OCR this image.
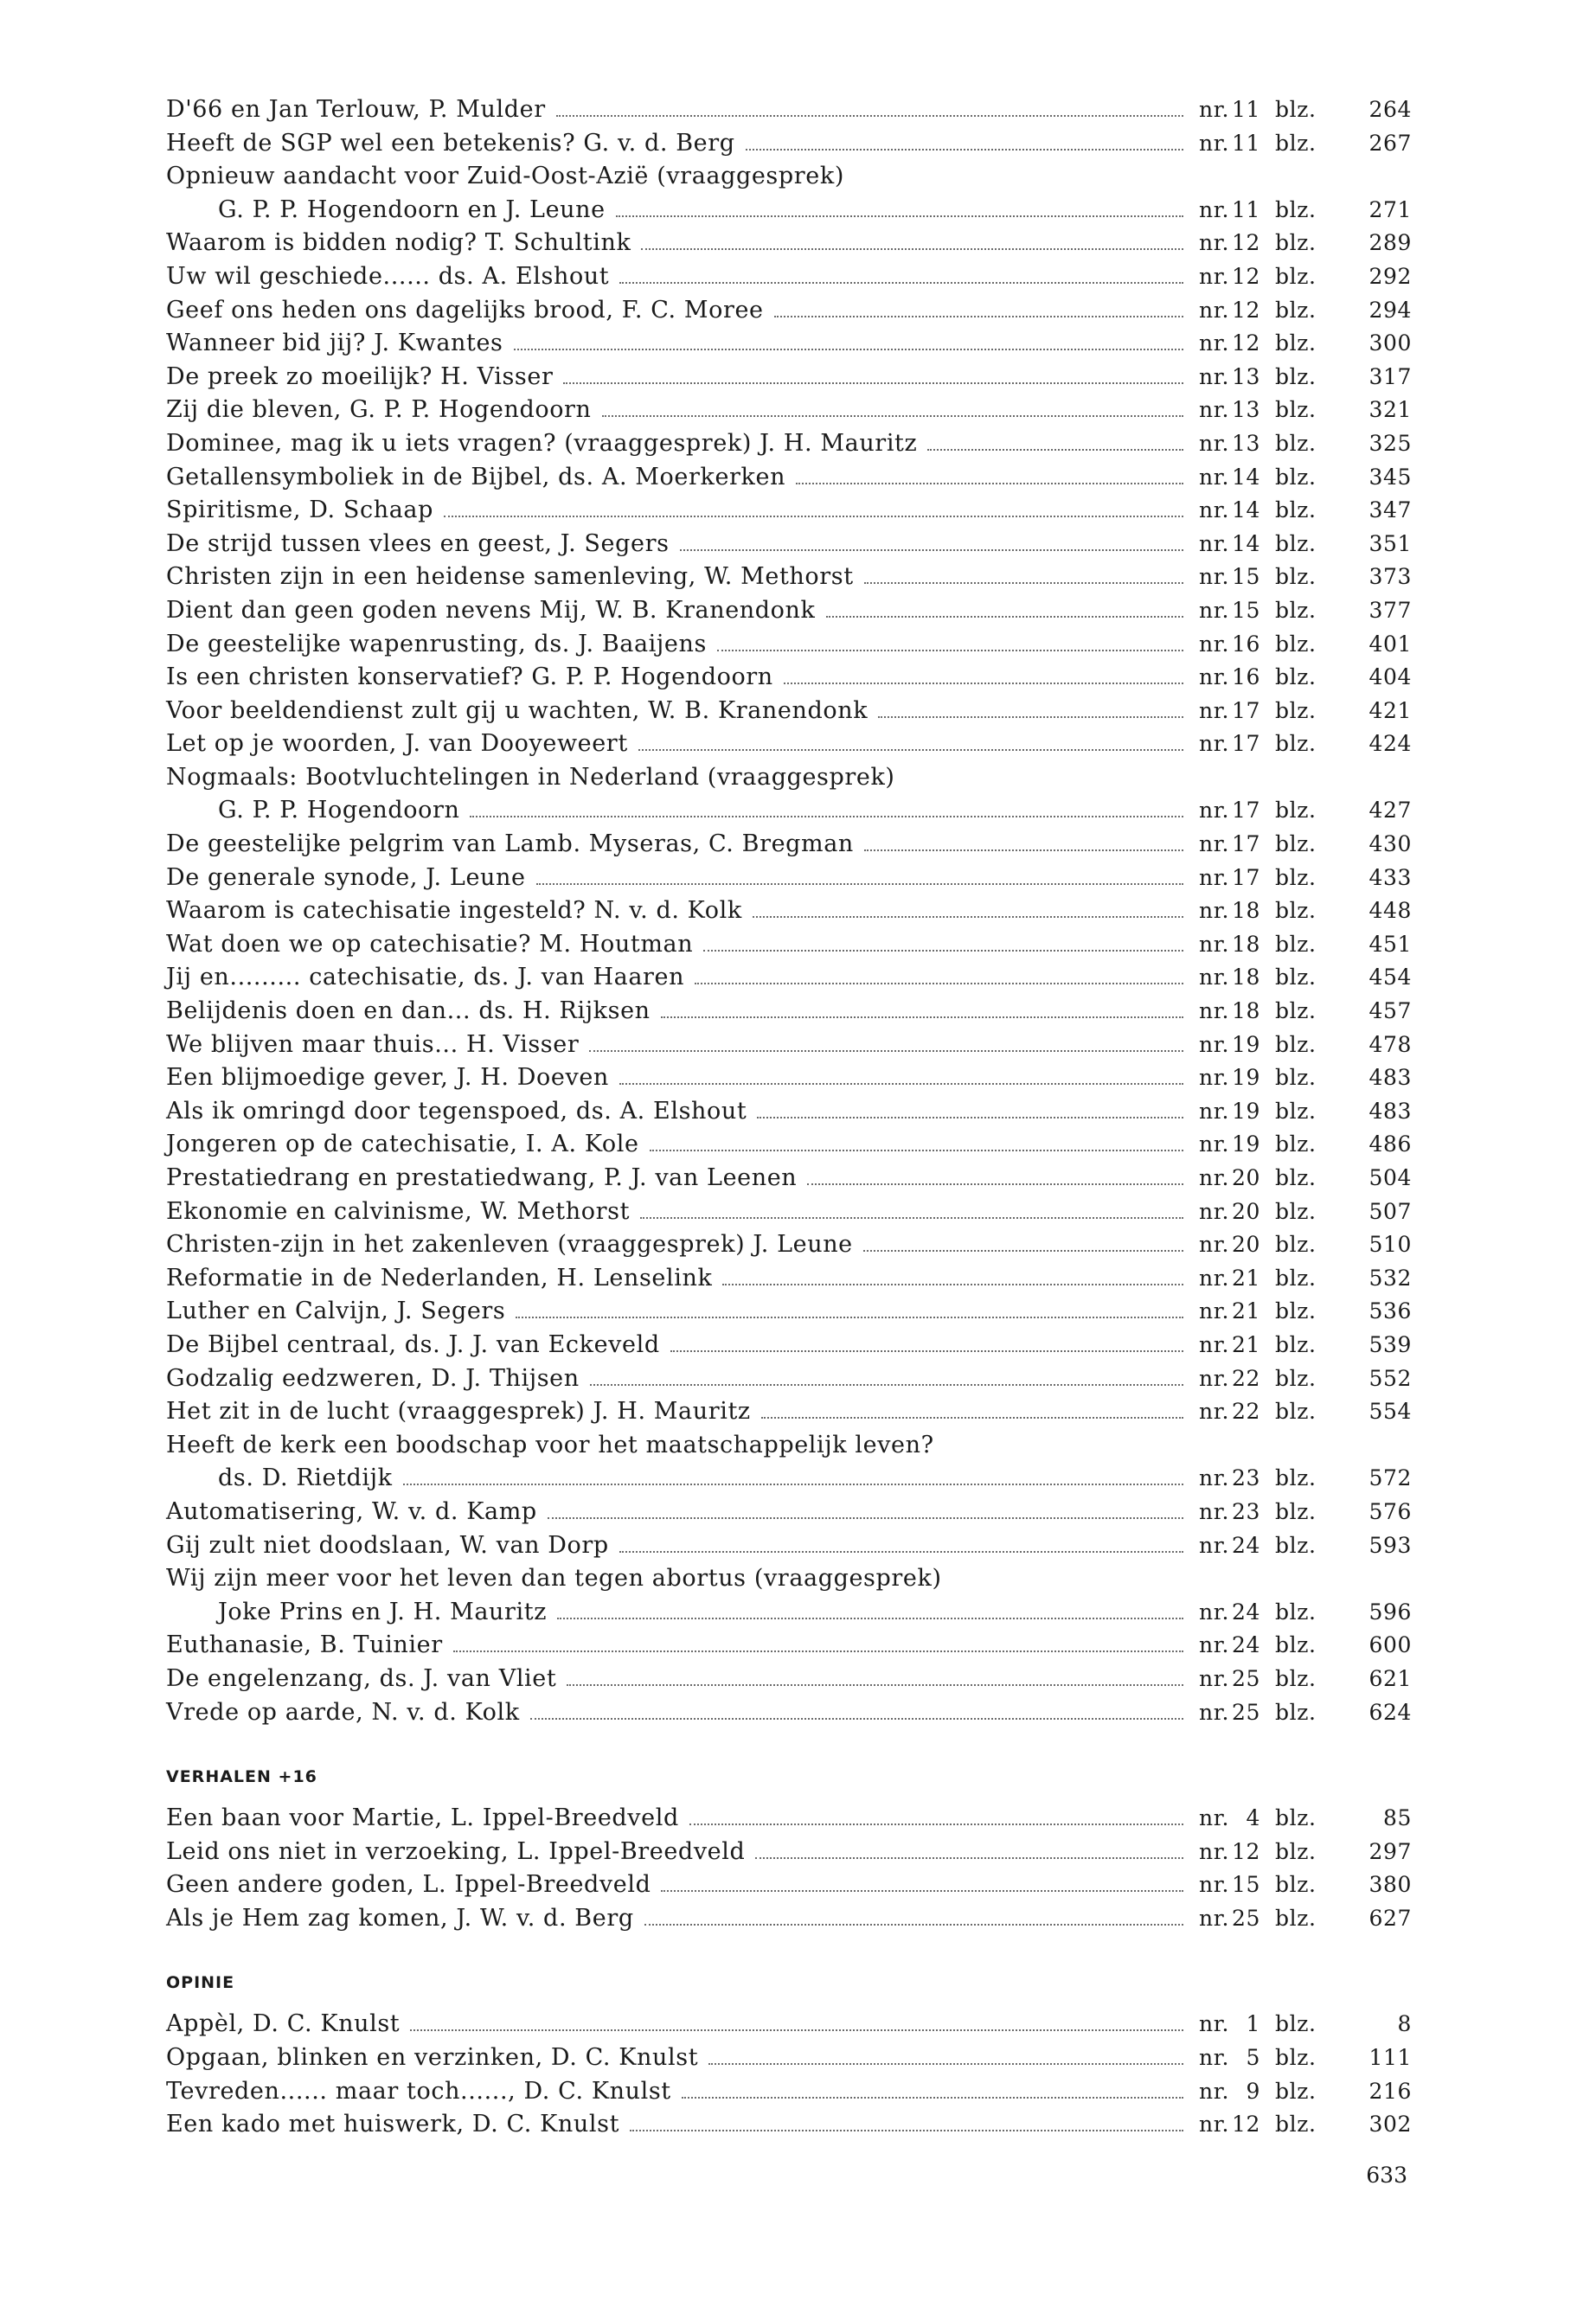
D'66 en Jan Terlouw, P. Mulder	nr. 11 blz. 264
Heeft de SGP wel een betekenis? G. v. d. Berg	nr. 11 blz. 267
Opnieuw aandacht voor Zuid-Oost-Azië (vraaggesprek)
G. P. P. Hogendoorn en J. Leune	nr. 11 blz. 271
Waarom is bidden nodig? T. Schultink	nr. 12 blz. 289
Uw wil geschiede...... ds. A. Elshout	nr. 12 blz. 292
Geef ons heden ons dagelijks brood, F. C. Moree	nr. 12 blz. 294
Wanneer bid jij? J. Kwantes	nr. 12 blz. 300
De preek zo moeilijk? H. Visser	nr. 13 blz. 317
Zij die bleven, G. P. P. Hogendoorn	nr. 13 blz. 321
Dominee, mag ik u iets vragen? (vraaggesprek) J. H. Mauritz	nr. 13 blz. 325
Getallensymboliek in de Bijbel, ds. A. Moerkerken	nr. 14 blz. 345
Spiritisme, D. Schaap	nr. 14 blz. 347
De strijd tussen vlees en geest, J. Segers	nr. 14 blz. 351
Christen zijn in een heidense samenleving, W. Methorst	nr. 15 blz. 373
Dient dan geen goden nevens Mij, W. B. Kranendonk	nr. 15 blz. 377
De geestelijke wapenrusting, ds. J. Baaijens	nr. 16 blz. 401
Is een christen konservatief? G. P. P. Hogendoorn	nr. 16 blz. 404
Voor beeldendienst zult gij u wachten, W. B. Kranendonk	nr. 17 blz. 421
Let op je woorden, J. van Dooyeweert	nr. 17 blz. 424
Nogmaals: Bootvluchtelingen in Nederland (vraaggesprek)
G. P. P. Hogendoorn	nr. 17 blz. 427
De geestelijke pelgrim van Lamb. Myseras, C. Bregman	nr. 17 blz. 430
De generale synode, J. Leune	nr. 17 blz. 433
Waarom is catechisatie ingesteld? N. v. d. Kolk	nr. 18 blz. 448
Wat doen we op catechisatie? M. Houtman	nr. 18 blz. 451
Jij en......... catechisatie, ds. J. van Haaren	nr. 18 blz. 454
Belijdenis doen en dan... ds. H. Rijksen	nr. 18 blz. 457
We blijven maar thuis... H. Visser	nr. 19 blz. 478
Een blijmoedige gever, J. H. Doeven	nr. 19 blz. 483
Als ik omringd door tegenspoed, ds. A. Elshout	nr. 19 blz. 483
Jongeren op de catechisatie, I. A. Kole	nr. 19 blz. 486
Prestatiedrang en prestatiedwang, P. J. van Leenen	nr. 20 blz. 504
Ekonomie en calvinisme, W. Methorst	nr. 20 blz. 507
Christen-zijn in het zakenleven (vraaggesprek) J. Leune	nr. 20 blz. 510
Reformatie in de Nederlanden, H. Lenselink	nr. 21 blz. 532
Luther en Calvijn, J. Segers	nr. 21 blz. 536
De Bijbel centraal, ds. J. J. van Eckeveld	nr. 21 blz. 539
Godzalig eedzweren, D. J. Thijsen	nr. 22 blz. 552
Het zit in de lucht (vraaggesprek) J. H. Mauritz	nr. 22 blz. 554
Heeft de kerk een boodschap voor het maatschappelijk leven?
ds. D. Rietdijk	nr. 23 blz. 572
Automatisering, W. v. d. Kamp	nr. 23 blz. 576
Gij zult niet doodslaan, W. van Dorp	nr. 24 blz. 593
Wij zijn meer voor het leven dan tegen abortus (vraaggesprek)
Joke Prins en J. H. Mauritz	nr. 24 blz. 596
Euthanasie, B. Tuinier	nr. 24 blz. 600
De engelenzang, ds. J. van Vliet	nr. 25 blz. 621
Vrede op aarde, N. v. d. Kolk	nr. 25 blz. 624
VERHALEN +16
Een baan voor Martie, L. Ippel-Breedveld	nr. 4 blz.	85
Leid ons niet in verzoeking, L. Ippel-Breedveld	nr. 12 blz. 297
Geen andere goden, L. Ippel-Breedveld	nr. 15 blz. 380
Als je Hem zag komen, J. W. v. d. Berg	nr. 25 blz. 627
OPINIE
Appèl, D. C. Knulst	nr. 1 blz.	8
Opgaan, blinken en verzinken, D. C. Knulst	nr. 5 blz. 111
Tevreden...... maar toch......, D. C. Knulst	nr. 9 blz. 216
Een kado met huiswerk, D. C. Knulst	nr. 12 blz. 302
633
